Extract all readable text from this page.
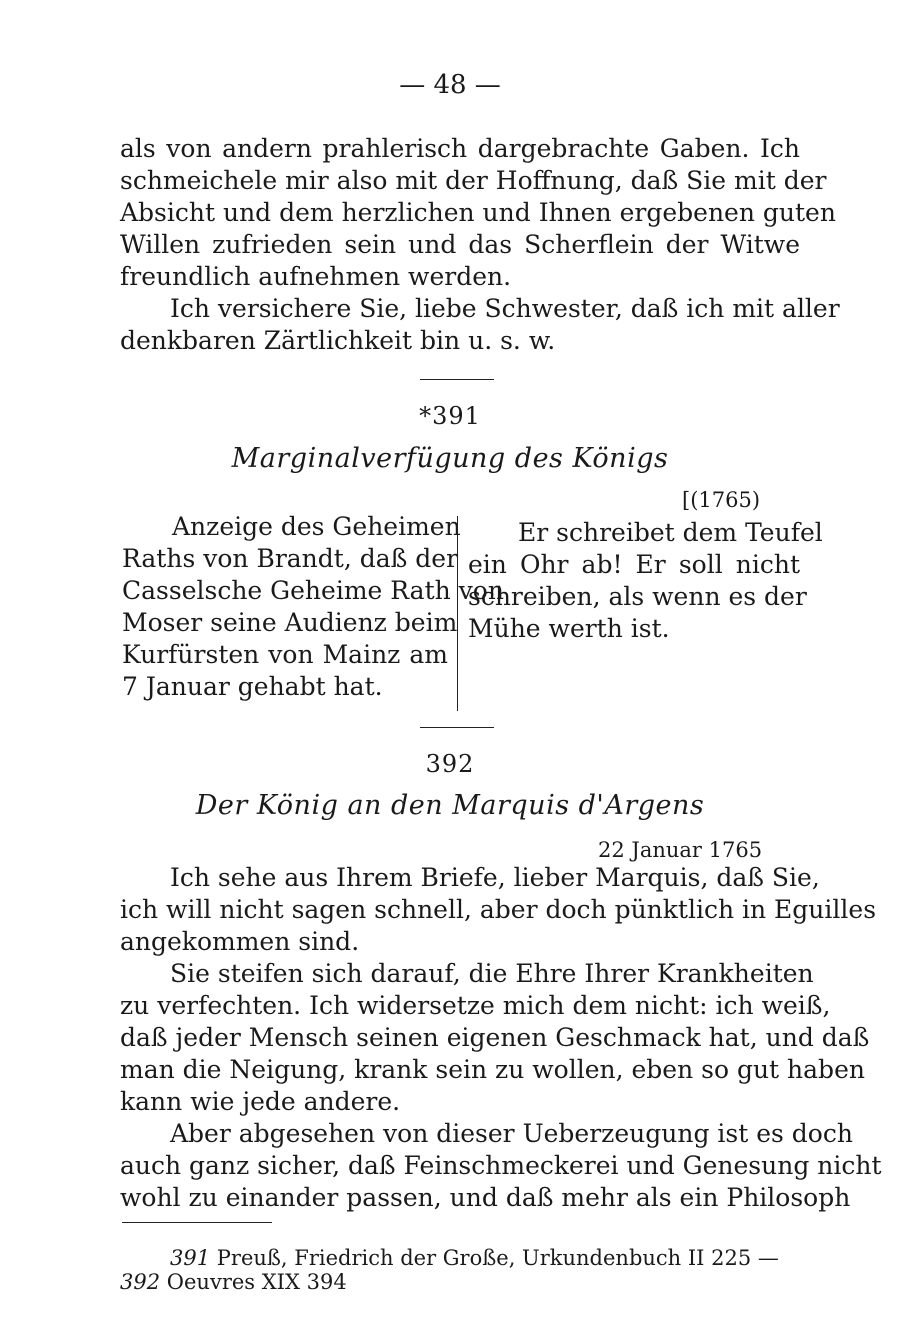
— 48 —
als von andern prahlerisch dargebrachte Gaben. Ich
schmeichele mir also mit der Hoffnung, daß Sie mit der
Absicht und dem herzlichen und Ihnen ergebenen guten
Willen zufrieden sein und das Scherflein der Witwe
freundlich aufnehmen werden.
Ich versichere Sie, liebe Schwester, daß ich mit aller
denkbaren Zärtlichkeit bin u. s. w.
*391
Marginalverfügung des Königs
[(1765)
Anzeige des Geheimen
Raths von Brandt, daß der
Casselsche Geheime Rath von
Moser seine Audienz beim
Kurfürsten von Mainz am
7 Januar gehabt hat.
Er schreibet dem Teufel
ein Ohr ab! Er soll nicht
schreiben, als wenn es der
Mühe werth ist.
392
Der König an den Marquis d'Argens
22 Januar 1765
Ich sehe aus Ihrem Briefe, lieber Marquis, daß Sie,
ich will nicht sagen schnell, aber doch pünktlich in Eguilles
angekommen sind.
Sie steifen sich darauf, die Ehre Ihrer Krankheiten
zu verfechten. Ich widersetze mich dem nicht: ich weiß,
daß jeder Mensch seinen eigenen Geschmack hat, und daß
man die Neigung, krank sein zu wollen, eben so gut haben
kann wie jede andere.
Aber abgesehen von dieser Ueberzeugung ist es doch
auch ganz sicher, daß Feinschmeckerei und Genesung nicht
wohl zu einander passen, und daß mehr als ein Philosoph
391 Preuß, Friedrich der Große, Urkundenbuch II 225 —
392 Oeuvres XIX 394
